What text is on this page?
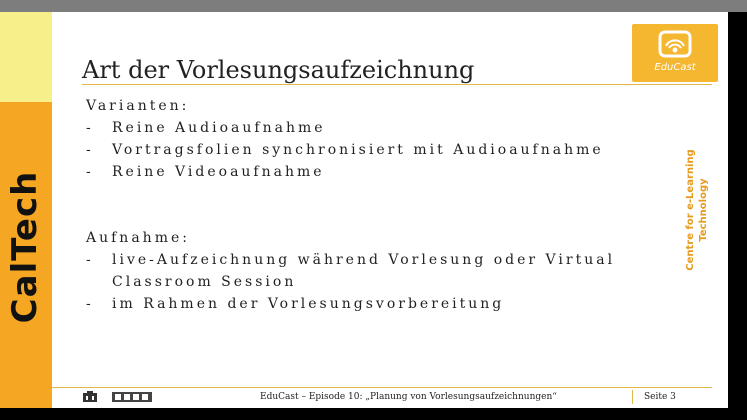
CalTech
Art der Vorlesungsaufzeichnung	EduCast
Varianten:
- Reine Audioaufnahme
- Vortragsfolien synchronisiert mit Audioaufnahme
- Reine Videoaufnahme
Aufnahme:
- live-Aufzeichnung während Vorlesung oder Virtual
Classroom Session
- im Rahmen der Vorlesungsvorbereitung
Centre for e-Learning Technology
EduCast – Episode 10: „Planung von Vorlesungsaufzeichnungen“	Seite 3
